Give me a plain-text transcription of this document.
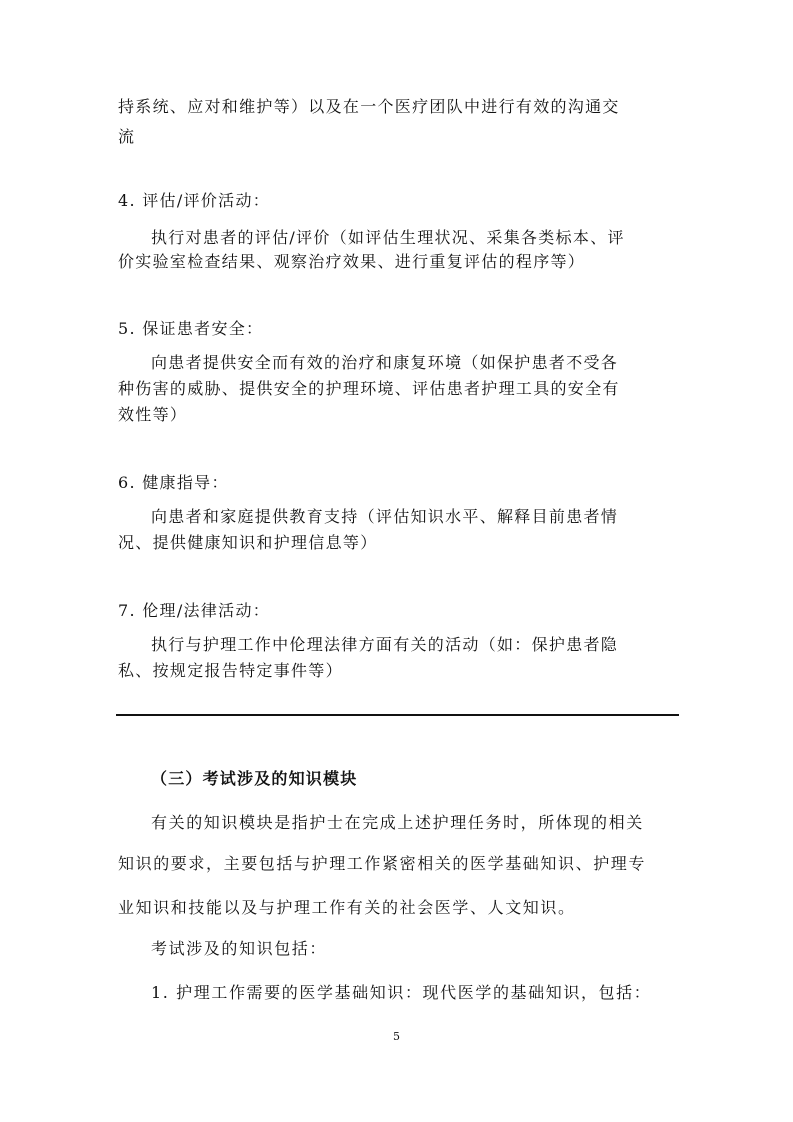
持系统、应对和维护等）以及在一个医疗团队中进行有效的沟通交
流
4. 评估/评价活动：
执行对患者的评估/评价（如评估生理状况、采集各类标本、评
价实验室检查结果、观察治疗效果、进行重复评估的程序等）
5. 保证患者安全：
向患者提供安全而有效的治疗和康复环境（如保护患者不受各
种伤害的威胁、提供安全的护理环境、评估患者护理工具的安全有
效性等）
6. 健康指导：
向患者和家庭提供教育支持（评估知识水平、解释目前患者情
况、提供健康知识和护理信息等）
7. 伦理/法律活动：
执行与护理工作中伦理法律方面有关的活动（如：保护患者隐
私、按规定报告特定事件等）
（三）考试涉及的知识模块
有关的知识模块是指护士在完成上述护理任务时，所体现的相关
知识的要求，主要包括与护理工作紧密相关的医学基础知识、护理专
业知识和技能以及与护理工作有关的社会医学、人文知识。
考试涉及的知识包括：
1. 护理工作需要的医学基础知识：现代医学的基础知识，包括：
5
